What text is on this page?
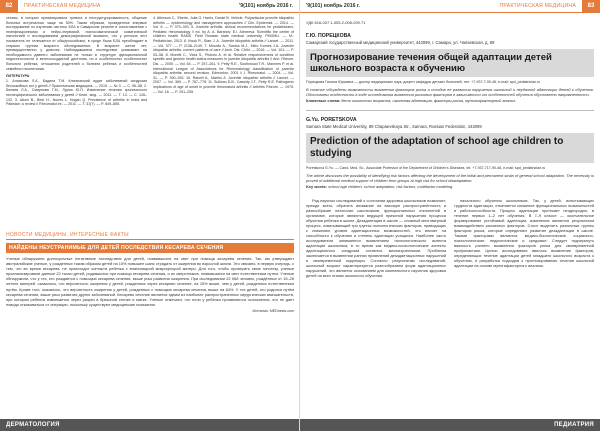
82	ПРАКТИЧЕСКАЯ МЕДИЦИНА	'9(101) ноябрь 2016 г.
сениях, в которых превалировала тревога и неструктурированность, общение больных встречалось чаще на 50%. Таким образом, проведенное впервые исследование по изучению частоты БЛА в Самарском регионе в сопоставлении с неинфекционными и нейро-/нервовой, психосоматической соматической патологией и исследованием демографической выявило, что у региона этот показатель не отличается от общероссийских, в среде была БЛА преобладает в старших группах возраста обследованных. В возрасте шести лет, преимущественно у девочек. Наблюдавшиеся последствия указывают на необходимость давнего заболевания не только в структуре функциональной недостаточности и вегетососудистой дистонии, но и особенностях особенностях больного ребенка, отношения родителей к болезни ребенка и особенностей семейного воспитания.
ЛИТЕРАТУРА
1. Алиасова Л.А., Бадина Т.М. Клинический аудит заболеваний синдрома беспокойных ног у детей // Практическая медицина. — 2015. — № 3. — С. 56–58. 2. Беляев Л.А., Смирнова Т.М., Лурия Ю.П. Изменение течения хронического неспецифического заболевания у детей // Клин. мед. — 2011. — Т. 13. — С. 128–132. 3. Aiken B., Best H., Nunes L. Hogan Q. Prevalence of arthritis in India and Pakistan: a review // Rheumatol Int. — 2011. — T. 31(7). — P. 849–855.
4. Atkinson C., Eberle, Julia G. Harris, Daniel B. Vehicle, Polyarticular juvenile idiopathic arthritis — epidemiology and management approaches // Clin. Epidemiol. — 2014. — Vol. 6. — P. 379–393. 5. Juvenile arthritis: clinical recommendations for pediatricians. Pediatric rheumatology // ed. by A. A. Baranov, E.I. Alexeeva. Scientific the center of children health RAMS. Field Russian state medical university. PMGMU. — M.: Pediatrician, 2013. 6. Kwok R., Starr J. A. Juvenile idiopathic arthritis // Lancet. — 2011. — Vol. 377. — P. 2138–2149. 7. Mourão A., Santos M.J., Melo Gomes J.A. Juvenile idiopathic arthritis: current patterns of care // Arch. Dis. Child. — 2016. — Vol. 101. — P. 53–58. 8. Moretti C., Viola S., Pistorio A. et al. Relative responsiveness of condition specific and generic health status measures in juvenile idiopathic arthritis // Ann. Rheum. Dis. — 2005. — Vol. 64. — P. 257–261. 9. Petty R.E., Southwood T.R., Manners P. et al. International League of Associations for Rheumatology classification of juvenile idiopathic arthritis: second revision, Edmonton, 2001 // J. Rheumatol. — 2004. — Vol. 31. — P. 390–392. 10. Ravelli A., Martini A. Juvenile idiopathic arthritis // Lancet. — 2007. — Vol. 369. — P. 767–778. 11. Sullivan D.B., Cassidy J.T., Petty R.E. Pathogenic implications of age of onset in juvenile rheumatoid arthritis // Arthritis Rheum. — 1975. — Vol. 18. — P. 251–255.
НОВОСТИ МЕДИЦИНЫ. ИНТЕРЕСНЫЕ ФАКТЫ
НАЙДЕНЫ НЕУСТРАНИМЫЕ ДЛЯ ДЕТЕЙ ПОСЛЕДСТВИЯ КЕСАРЕВА СЕЧЕНИЯ
Ученые обнаружили долгосрочные негативные последствия для детей, появившихся на свет при помощи кесарева сечения. Так, им утверждают австралийские ученые, у рожденных таким образом детей на 15% повышен шанс страдать от ожирения во взрослой жизни. Это связано, в первую очередь, с тем, что во время кесарева, не происходит контакта ребенка с влагалищной микрофлорой матери. Для того, чтобы проверить свою гипотезу, ученые проанализировали данные 22 тысяч детей, родившихся при помощи кесарева сечения, и их сверстников, появившихся на свет естественным путем. Ученые обнаружили, что у тех, кто рождается с помощью кесарева сечения, выше риск развития ожирения. При исследовании 22 068 человек, рождённых от 15–26 летних матерей, оказалось, что вероятность ожирения у детей, рожденных через кесарево сечение, на 15% выше, чем у детей, рожденных естественным путём. Кроме того, оказалось, что вероятность ожирения у детей, рожденных с помощью кесарева сечения, выше на 64%. У тех детей, кто родился путём кесарева сечения, выше риск развития других заболеваний. Кесарево сечение является одним из наиболее распространенных хирургических вмешательств, при котором ребенок извлекается через разрез в брюшной стенке и матке. Ученые отмечают, что если у ребенка проявляются осложнения, это не дает повода отказываться от операции, поскольку существуют медицинские показания.
Источник: MEDnews.com
ДЕРМАТОЛОГИЯ
83
'9(101) ноябрь 2016 г.	ПРАКТИЧЕСКАЯ МЕДИЦИНА
УДК 616-007.1-053.2-008-039.71
Г.Ю. ПОРЕЦКОВА
Самарский государственный медицинский университет, 443099, г. Самара, ул. Чапаевская, д. 89
Прогнозирование течения общей адаптации детей школьного возраста к обучению
Порецкова Галина Юрьевна — доктор медицинских наук, доцент кафедры детских болезней, тел. +7-937-7-90-48, e-mail: spd_pediatrician.ru
В статье обсуждены возможности выявления факторов риска и исходов ее развития нарушения школьной и неудачной адаптации детей к обучению. Обоснованы особенности в ходе исследования выявления рисковых факторов в зависимости от особенностей обучения обусловлено направленности.
Ключевые слова: дети школьного возраста, школьная адаптация, факторы риска, мультифакторный анализ.
G.Yu. PORETSKOVA
Samara State Medical University, 89 Chapaevskaya Str., Samara, Russian Federation, 443099
Prediction of the adaptation of school age children to studying
Poretskova G.Yu. — Cand. Med. Sc., Associate Professor of the Department of Children's Diseases, tel. +7-937-717-90-48, e-mail: spd_pediatrician.ru
The article discusses the possibility of identifying risk factors affecting the development of the initial and permanent strain of general school adaptation. The necessity is proved of additional medical support of children from groups at high risk for school disadaptation.
Key words: school age children, school adaptation, risk factors, multifactor modeling.

Ряд научных исследований о состоянии здоровья школьников позволяет, прежде всего, обратить внимание на высокую распространённость и разнообразие патологии школьников, функциональных отклонений в организме, которые являются ведущей причиной нарушения процесса обучения ребенка в школе. Дезадаптация в школе — сложный многомерный процесс, охватывающий три группы психологических факторов, приводящих к снижению уровня адаптационных возможностей, что влияет на способности к обучению и степень адаптации учащихся. Наиболее часто исследователи занимаются выявлением психологического аспекта адаптации школьника, в то время как медико-психологические аспекты адаптационного синдрома остаются малоизученными. Проблема заключается в выявлении ранних проявлений дезадаптационных нарушений и своевременной коррекции. Согласно результатам исследований, школьный возраст характеризуется разнообразием форм адаптационных нарушений, что является основанием для комплексного изучения здоровья детей на всех этапах школьного обучения.

начального обучения школьников. Так, у детей, испытывающих трудности адаптации, отмечается снижение функциональных возможностей и работоспособности. Процесс адаптации протекает неоднородно, в течение первых 1–2 лет обучения. В 7–9 классе — окончательное формирование устойчивой адаптации, изменения являются результатом взаимодействия различных факторов. Стоит выделить различные группы факторов риска, которые определяют развитие дезадаптации в школе. Такими факторами являются: медико-биологические, социально-психологические, педагогические и средовые. Следует подчеркнуть важность раннего выявления факторов риска для своевременной профилактики. Целью исследования явилось выявление факторов, определяющих течение адаптации детей младшего школьного возраста к обучению, и разработка подходов к прогнозированию течения школьной адаптации на основе мультифакторного анализа.

ПЕДИАТРИЯ
